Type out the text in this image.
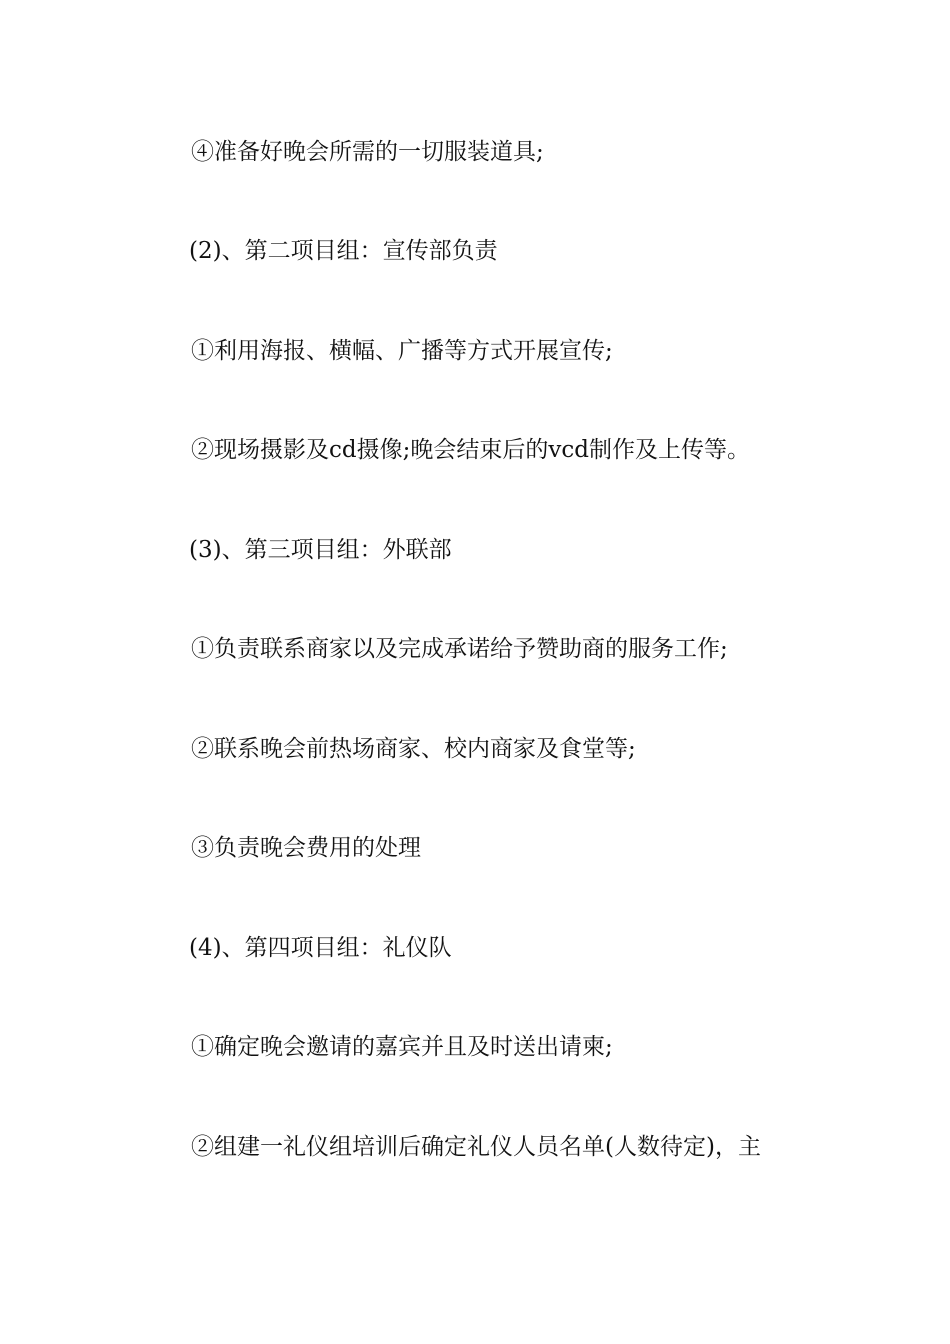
④准备好晚会所需的一切服装道具;
(2)、第二项目组：宣传部负责
①利用海报、横幅、广播等方式开展宣传;
②现场摄影及cd摄像;晚会结束后的vcd制作及上传等。
(3)、第三项目组：外联部
①负责联系商家以及完成承诺给予赞助商的服务工作;
②联系晚会前热场商家、校内商家及食堂等;
③负责晚会费用的处理
(4)、第四项目组：礼仪队
①确定晚会邀请的嘉宾并且及时送出请柬;
②组建一礼仪组培训后确定礼仪人员名单(人数待定)，主
